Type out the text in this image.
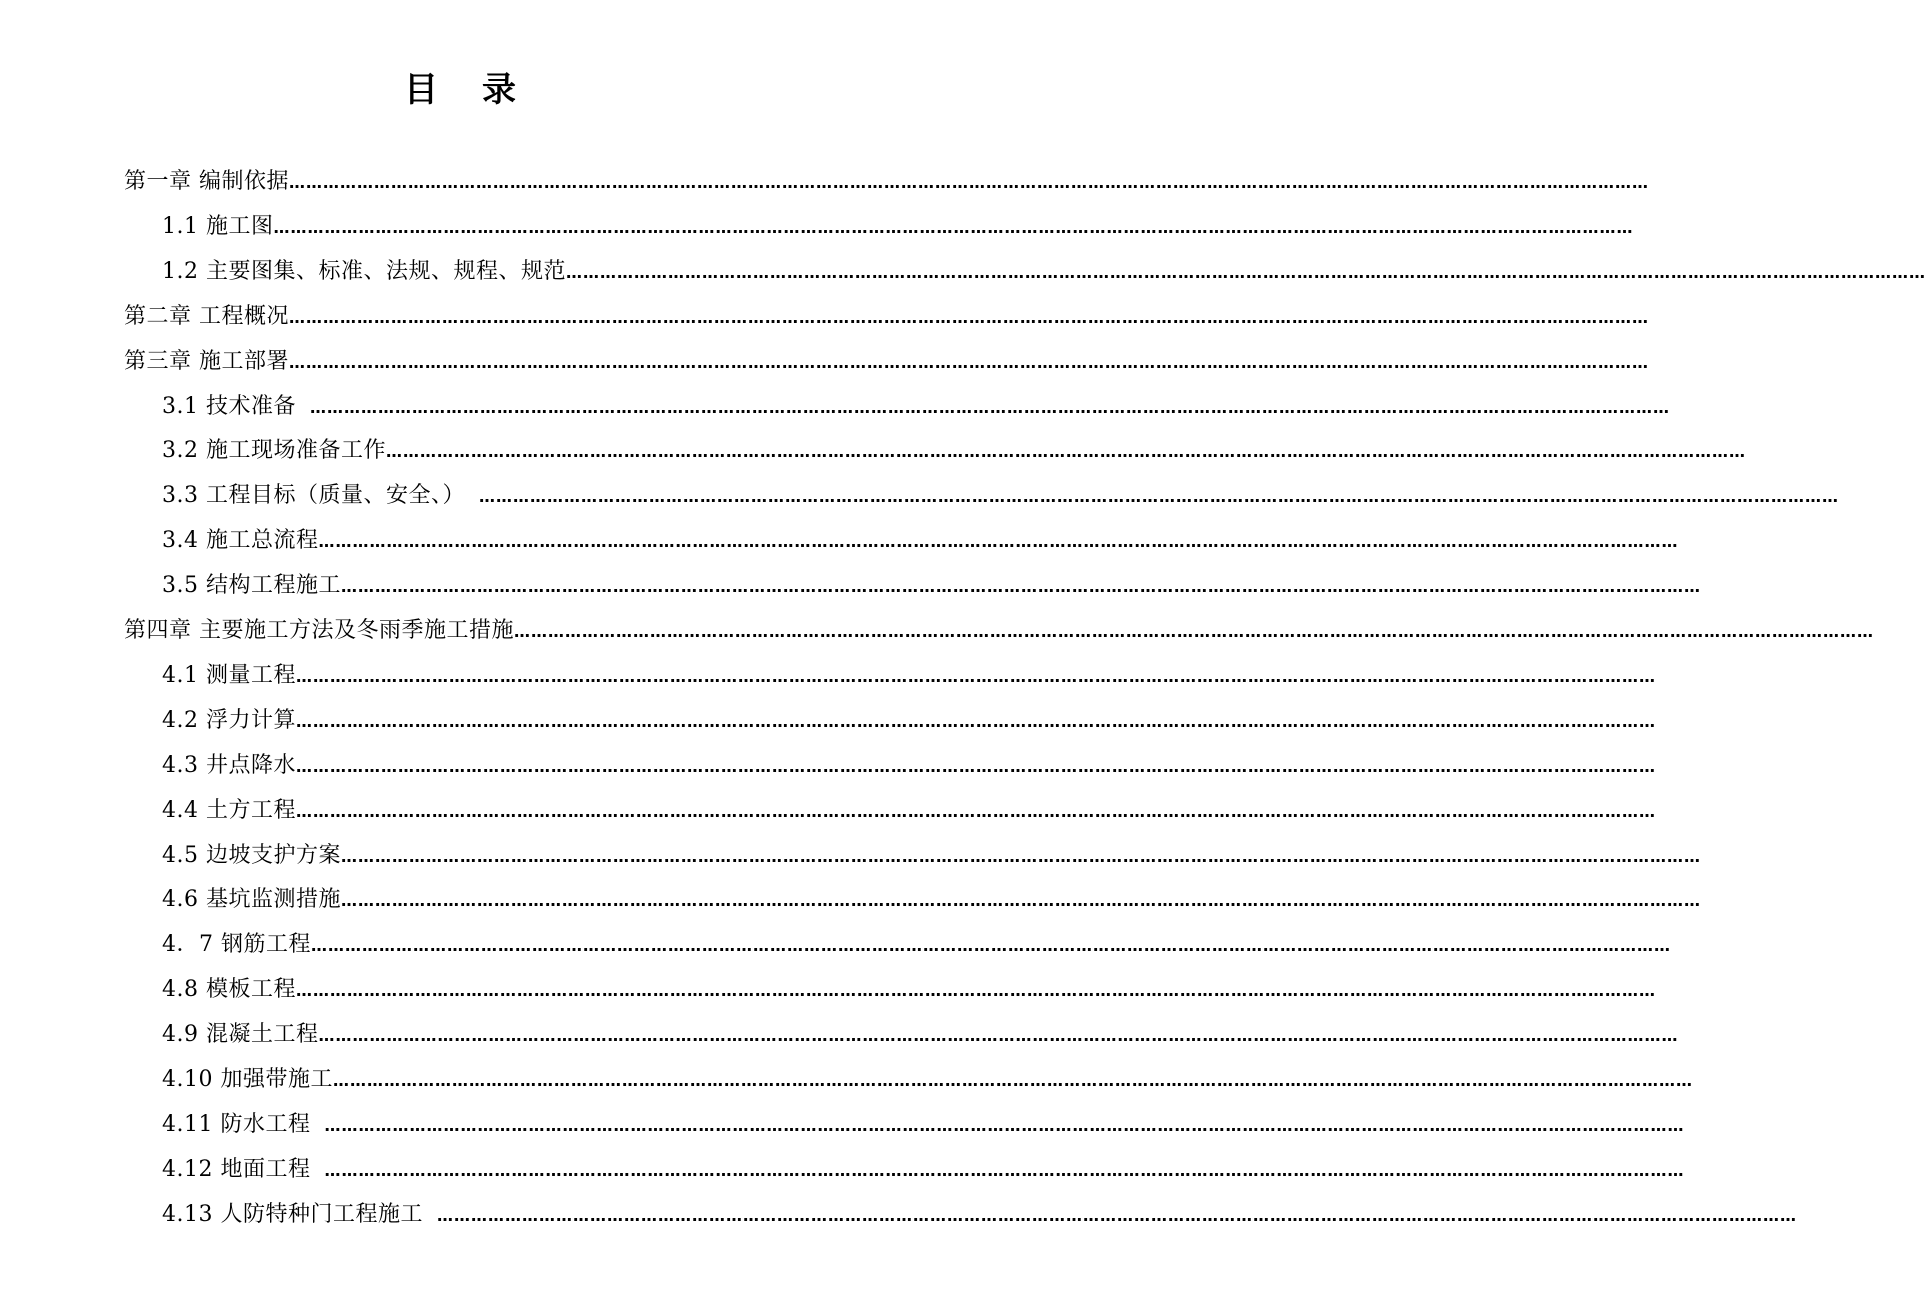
目录
第一章 编制依据 ……………………………………………………………………………………………………………………………………………………………………………………………………………………
1.1 施工图 ……………………………………………………………………………………………………………………………………………………………………………………………………………………
1.2 主要图集、标准、法规、规程、规范 ……………………………………………………………………………………………………………………………………………………………………………………………………………………
第二章 工程概况 ……………………………………………………………………………………………………………………………………………………………………………………………………………………
第三章 施工部署 ……………………………………………………………………………………………………………………………………………………………………………………………………………………
3.1 技术准备 ……………………………………………………………………………………………………………………………………………………………………………………………………………………
3.2 施工现场准备工作 ……………………………………………………………………………………………………………………………………………………………………………………………………………………
3.3 工程目标（质量、安全、） ……………………………………………………………………………………………………………………………………………………………………………………………………………………
3.4 施工总流程 ……………………………………………………………………………………………………………………………………………………………………………………………………………………
3.5 结构工程施工 ……………………………………………………………………………………………………………………………………………………………………………………………………………………
第四章 主要施工方法及冬雨季施工措施 ……………………………………………………………………………………………………………………………………………………………………………………………………………………
4.1 测量工程 ……………………………………………………………………………………………………………………………………………………………………………………………………………………
4.2 浮力计算 ……………………………………………………………………………………………………………………………………………………………………………………………………………………
4.3 井点降水 ……………………………………………………………………………………………………………………………………………………………………………………………………………………
4.4 土方工程 ……………………………………………………………………………………………………………………………………………………………………………………………………………………
4.5 边坡支护方案 ……………………………………………………………………………………………………………………………………………………………………………………………………………………
4.6 基坑监测措施 ……………………………………………………………………………………………………………………………………………………………………………………………………………………
4．7 钢筋工程 ……………………………………………………………………………………………………………………………………………………………………………………………………………………
4.8 模板工程 ……………………………………………………………………………………………………………………………………………………………………………………………………………………
4.9 混凝土工程 ……………………………………………………………………………………………………………………………………………………………………………………………………………………
4.10 加强带施工 ……………………………………………………………………………………………………………………………………………………………………………………………………………………
4.11 防水工程 ……………………………………………………………………………………………………………………………………………………………………………………………………………………
4.12 地面工程 ……………………………………………………………………………………………………………………………………………………………………………………………………………………
4.13 人防特种门工程施工 ……………………………………………………………………………………………………………………………………………………………………………………………………………………
